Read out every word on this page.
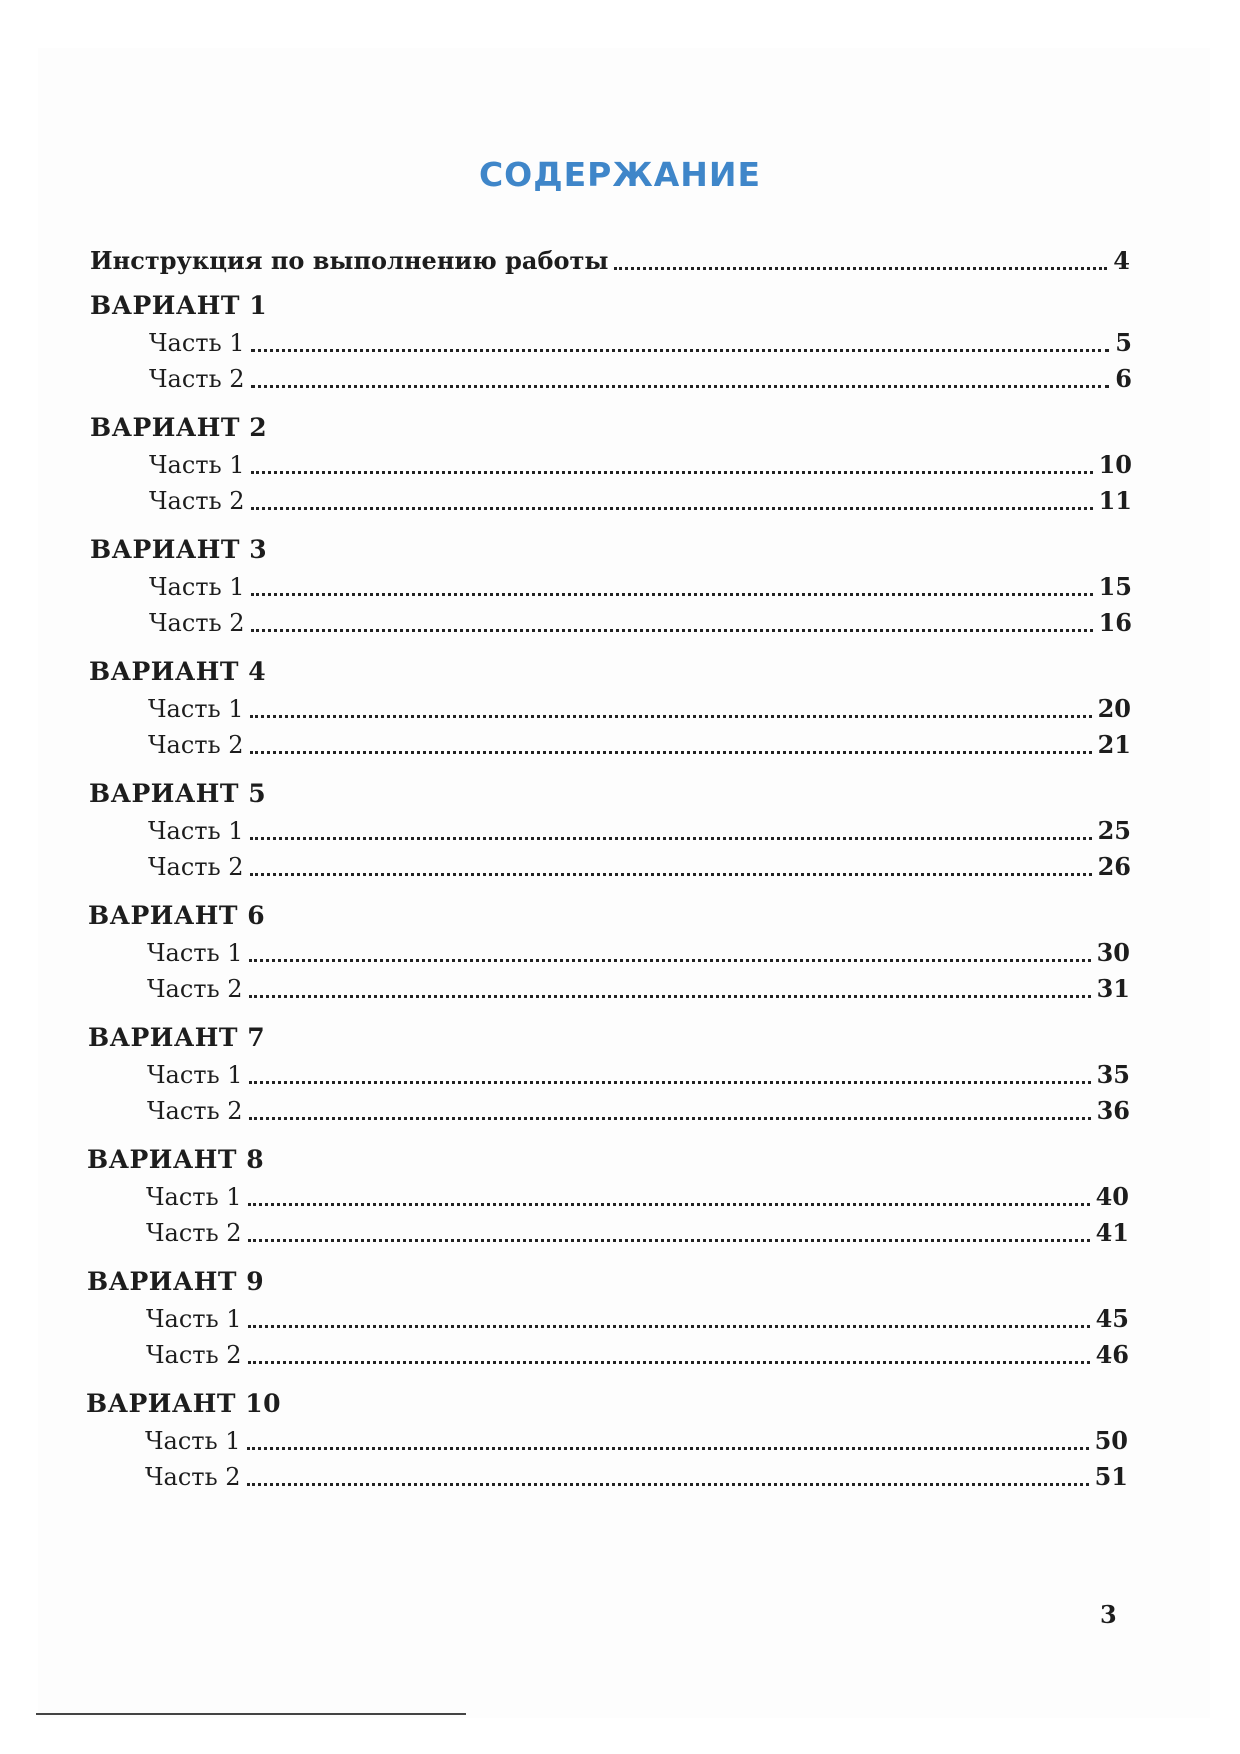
СОДЕРЖАНИЕ
Инструкция по выполнению работы	4
ВАРИАНТ 1
Часть 1	5
Часть 2	6
ВАРИАНТ 2
Часть 1	10
Часть 2	11
ВАРИАНТ 3
Часть 1	15
Часть 2	16
ВАРИАНТ 4
Часть 1	20
Часть 2	21
ВАРИАНТ 5
Часть 1	25
Часть 2	26
ВАРИАНТ 6
Часть 1	30
Часть 2	31
ВАРИАНТ 7
Часть 1	35
Часть 2	36
ВАРИАНТ 8
Часть 1	40
Часть 2	41
ВАРИАНТ 9
Часть 1	45
Часть 2	46
ВАРИАНТ 10
Часть 1	50
Часть 2	51
3
